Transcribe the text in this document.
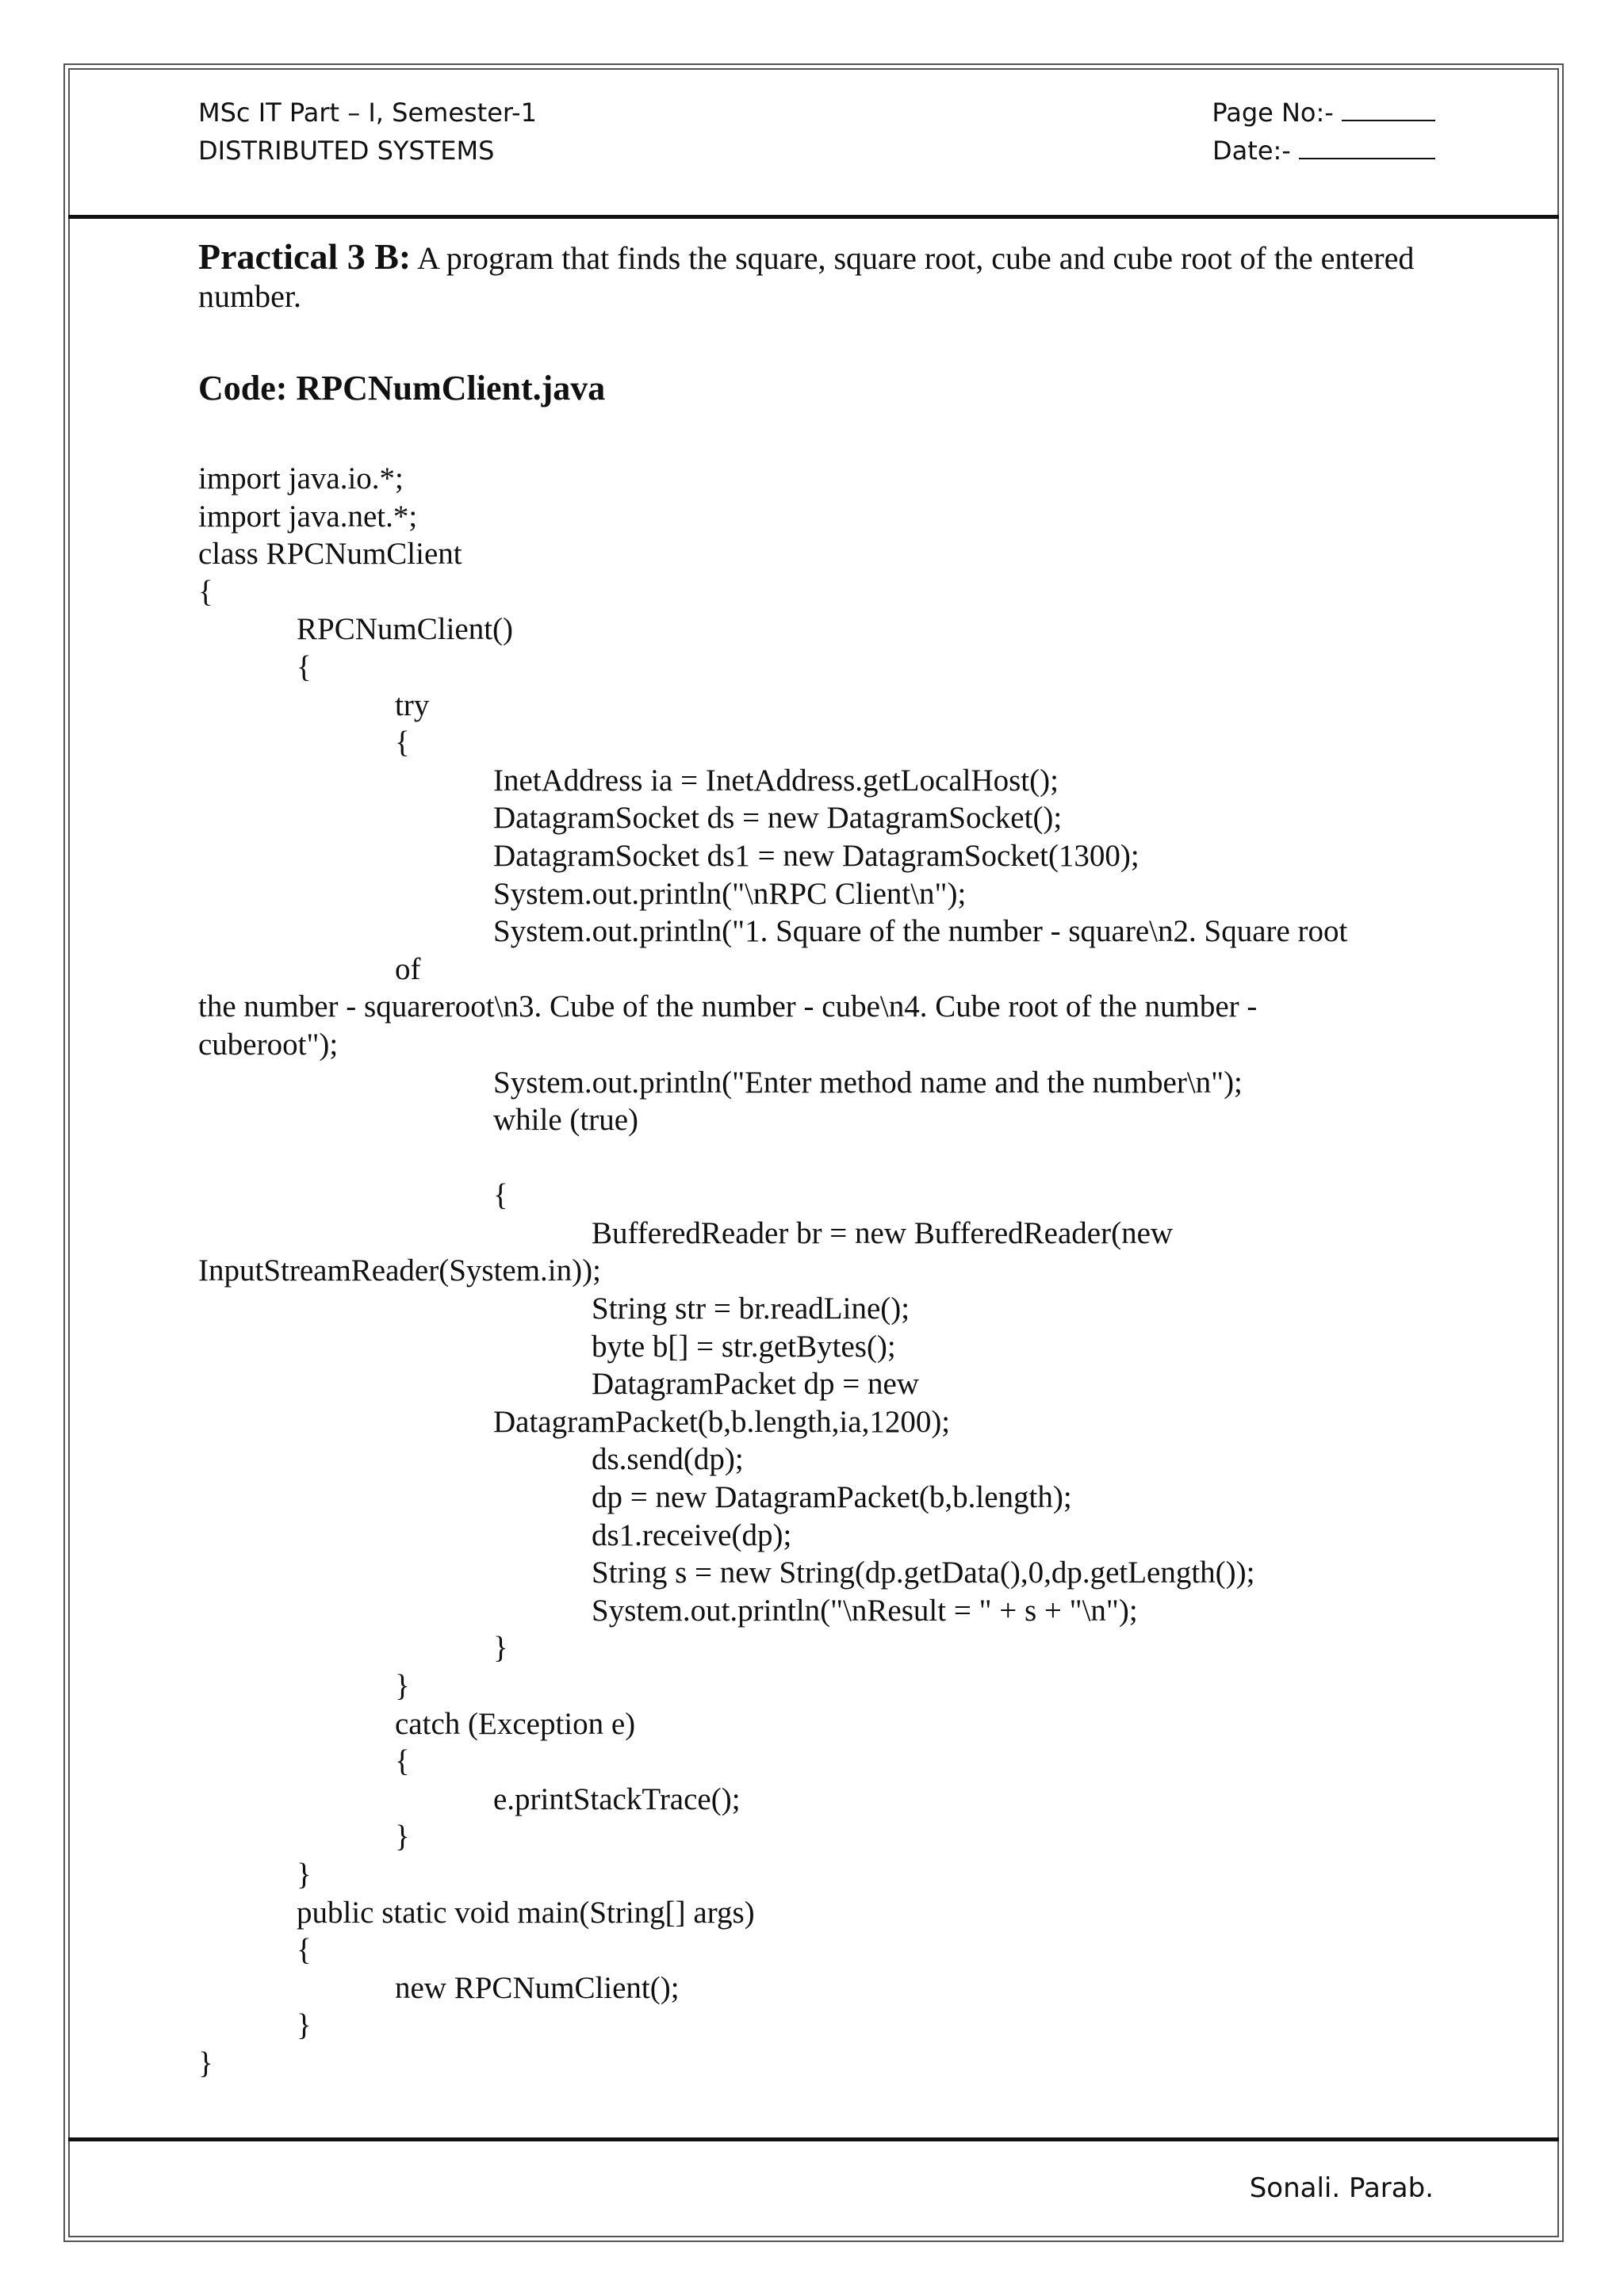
MSc IT Part – I, Semester-1
DISTRIBUTED SYSTEMS
Page No:-
Date:-

Practical 3 B: A program that finds the square, square root, cube and cube root of the entered number.

Code: RPCNumClient.java
import java.io.*;
import java.net.*;
class RPCNumClient
{
RPCNumClient()
{
try
{
InetAddress ia = InetAddress.getLocalHost();
DatagramSocket ds = new DatagramSocket();
DatagramSocket ds1 = new DatagramSocket(1300);
System.out.println("\nRPC Client\n");
System.out.println("1. Square of the number - square\n2. Square root
of
the number - squareroot\n3. Cube of the number - cube\n4. Cube root of the number -
cuberoot");
System.out.println("Enter method name and the number\n");
while (true)
{
BufferedReader br = new BufferedReader(new
InputStreamReader(System.in));
String str = br.readLine();
byte b[] = str.getBytes();
DatagramPacket dp = new
DatagramPacket(b,b.length,ia,1200);
ds.send(dp);
dp = new DatagramPacket(b,b.length);
ds1.receive(dp);
String s = new String(dp.getData(),0,dp.getLength());
System.out.println("\nResult = " + s + "\n");
}
}
catch (Exception e)
{
e.printStackTrace();
}
}
public static void main(String[] args)
{
new RPCNumClient();
}
}
Sonali. Parab.
